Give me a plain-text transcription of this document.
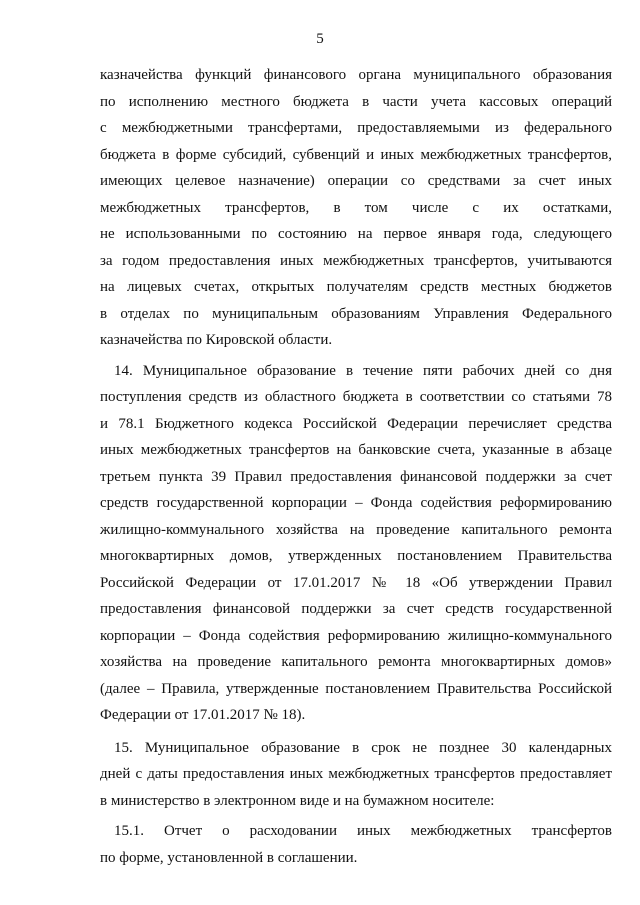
5
казначейства функций финансового органа муниципального образования
по исполнению местного бюджета в части учета кассовых операций
с межбюджетными трансфертами, предоставляемыми из федерального
бюджета в форме субсидий, субвенций и иных межбюджетных трансфертов,
имеющих целевое назначение) операции со средствами за счет иных
межбюджетных трансфертов, в том числе с их остатками,
не использованными по состоянию на первое января года, следующего
за годом предоставления иных межбюджетных трансфертов, учитываются
на лицевых счетах, открытых получателям средств местных бюджетов
в отделах по муниципальным образованиям Управления Федерального
казначейства по Кировской области.
14. Муниципальное образование в течение пяти рабочих дней со дня
поступления средств из областного бюджета в соответствии со статьями 78
и 78.1 Бюджетного кодекса Российской Федерации перечисляет средства
иных межбюджетных трансфертов на банковские счета, указанные в абзаце
третьем пункта 39 Правил предоставления финансовой поддержки за счет
средств государственной корпорации – Фонда содействия реформированию
жилищно-коммунального хозяйства на проведение капитального ремонта
многоквартирных домов, утвержденных постановлением Правительства
Российской Федерации от 17.01.2017 № 18 «Об утверждении Правил
предоставления финансовой поддержки за счет средств государственной
корпорации – Фонда содействия реформированию жилищно-коммунального
хозяйства на проведение капитального ремонта многоквартирных домов»
(далее – Правила, утвержденные постановлением Правительства Российской
Федерации от 17.01.2017 № 18).
15. Муниципальное образование в срок не позднее 30 календарных
дней с даты предоставления иных межбюджетных трансфертов предоставляет
в министерство в электронном виде и на бумажном носителе:
15.1. Отчет о расходовании иных межбюджетных трансфертов
по форме, установленной в соглашении.
